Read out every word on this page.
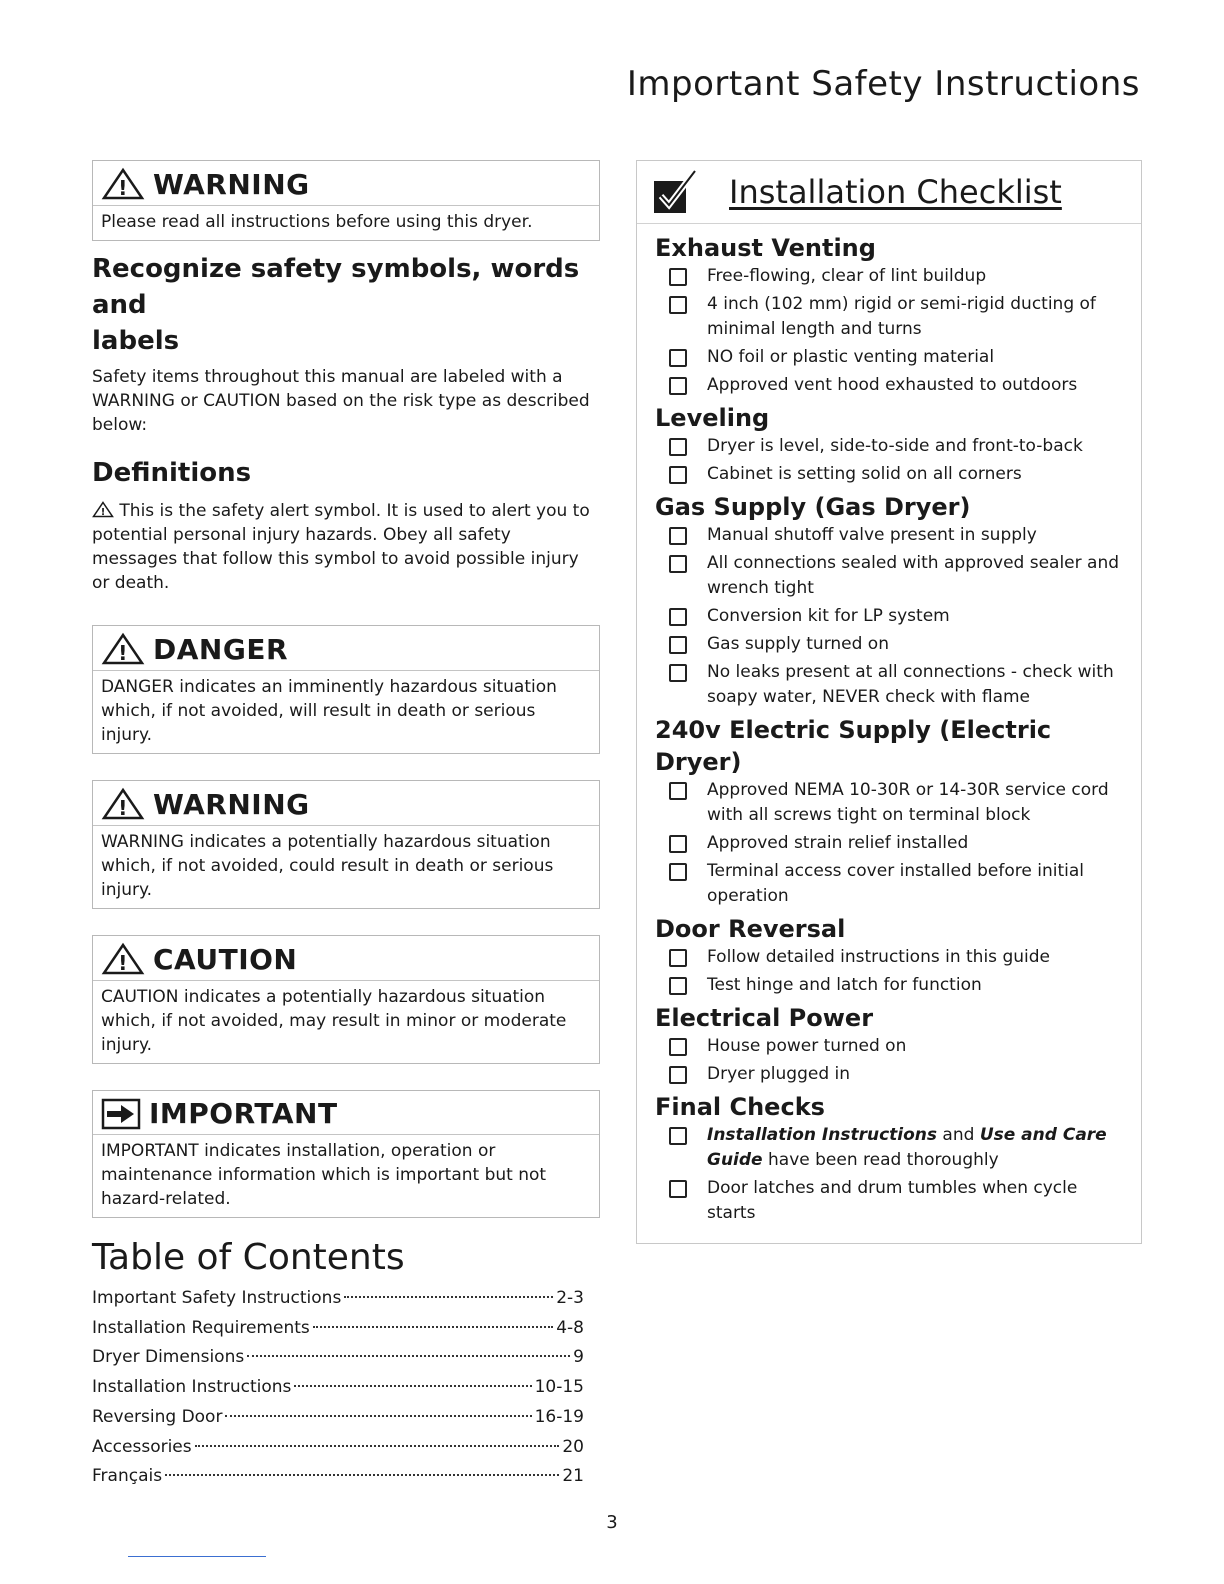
Important Safety Instructions
! WARNING
Please read all instructions before using this dryer.
Recognize safety symbols, words and
labels

Safety items throughout this manual are labeled with a WARNING or CAUTION based on the risk type as described below:

Definitions

! This is the safety alert symbol. It is used to alert you to potential personal injury hazards. Obey all safety messages that follow this symbol to avoid possible injury or death.

! DANGER
DANGER indicates an imminently hazardous situation which, if not avoided, will result in death or serious injury.
! WARNING
WARNING indicates a potentially hazardous situation which, if not avoided, could result in death or serious injury.
! CAUTION
CAUTION indicates a potentially hazardous situation which, if not avoided, may result in minor or moderate injury.
IMPORTANT
IMPORTANT indicates installation, operation or maintenance information which is important but not hazard-related.
Table of Contents
Important Safety Instructions	2-3
Installation Requirements	4-8
Dryer Dimensions	9
Installation Instructions	10-15
Reversing Door	16-19
Accessories	20
Français	21
Installation Checklist
Exhaust Venting
Free-flowing, clear of lint buildup
4 inch (102 mm) rigid or semi-rigid ducting of minimal length and turns
NO foil or plastic venting material
Approved vent hood exhausted to outdoors
Leveling
Dryer is level, side-to-side and front-to-back
Cabinet is setting solid on all corners
Gas Supply (Gas Dryer)
Manual shutoff valve present in supply
All connections sealed with approved sealer and wrench tight
Conversion kit for LP system
Gas supply turned on
No leaks present at all connections - check with soapy water, NEVER check with flame
240v Electric Supply (Electric Dryer)
Approved NEMA 10-30R or 14-30R service cord with all screws tight on terminal block
Approved strain relief installed
Terminal access cover installed before initial operation
Door Reversal
Follow detailed instructions in this guide
Test hinge and latch for function
Electrical Power
House power turned on
Dryer plugged in
Final Checks
Installation Instructions and Use and Care Guide have been read thoroughly
Door latches and drum tumbles when cycle starts
3
